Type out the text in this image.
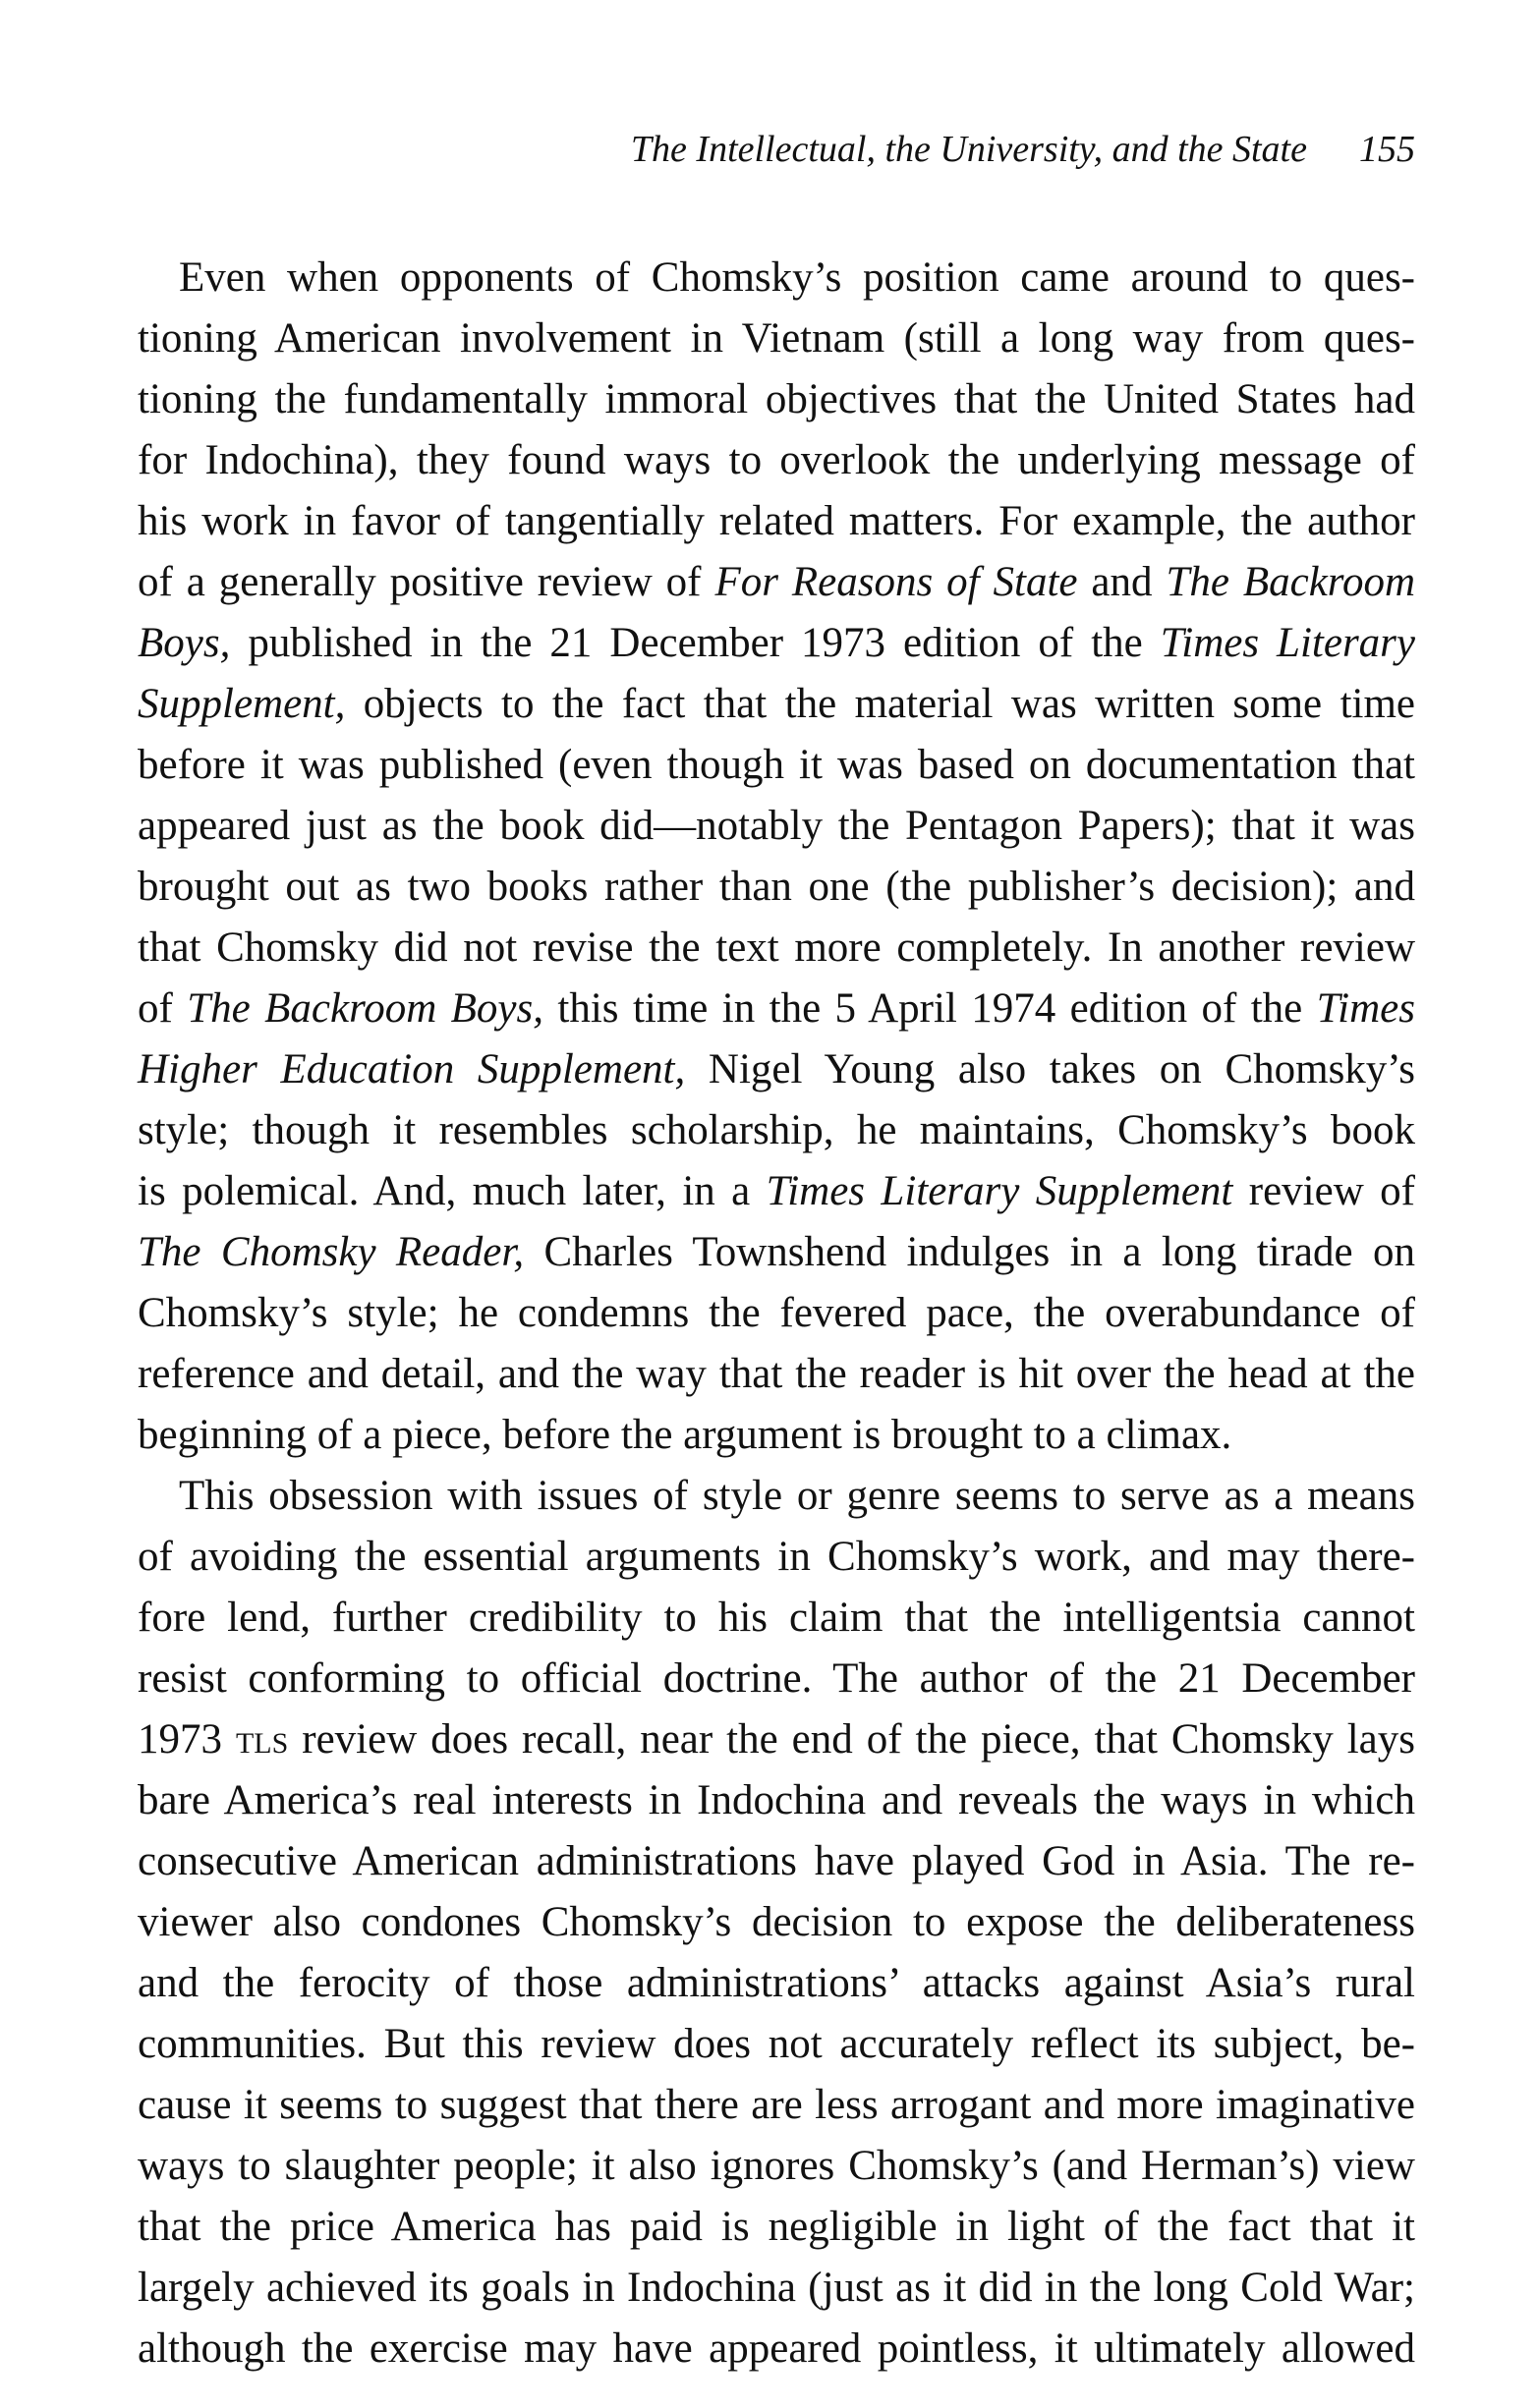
The Intellectual, the University, and the State 155
Even when opponents of Chomsky’s position came around to ques-
tioning American involvement in Vietnam (still a long way from ques-
tioning the fundamentally immoral objectives that the United States had
for Indochina), they found ways to overlook the underlying message of
his work in favor of tangentially related matters. For example, the author
of a generally positive review of For Reasons of State and The Backroom
Boys, published in the 21 December 1973 edition of the Times Literary
Supplement, objects to the fact that the material was written some time
before it was published (even though it was based on documentation that
appeared just as the book did—notably the Pentagon Papers); that it was
brought out as two books rather than one (the publisher’s decision); and
that Chomsky did not revise the text more completely. In another review
of The Backroom Boys, this time in the 5 April 1974 edition of the Times
Higher Education Supplement, Nigel Young also takes on Chomsky’s
style; though it resembles scholarship, he maintains, Chomsky’s book
is polemical. And, much later, in a Times Literary Supplement review of
The Chomsky Reader, Charles Townshend indulges in a long tirade on
Chomsky’s style; he condemns the fevered pace, the overabundance of
reference and detail, and the way that the reader is hit over the head at the
beginning of a piece, before the argument is brought to a climax.
This obsession with issues of style or genre seems to serve as a means
of avoiding the essential arguments in Chomsky’s work, and may there-
fore lend, further credibility to his claim that the intelligentsia cannot
resist conforming to official doctrine. The author of the 21 December
1973 tls review does recall, near the end of the piece, that Chomsky lays
bare America’s real interests in Indochina and reveals the ways in which
consecutive American administrations have played God in Asia. The re-
viewer also condones Chomsky’s decision to expose the deliberateness
and the ferocity of those administrations’ attacks against Asia’s rural
communities. But this review does not accurately reflect its subject, be-
cause it seems to suggest that there are less arrogant and more imaginative
ways to slaughter people; it also ignores Chomsky’s (and Herman’s) view
that the price America has paid is negligible in light of the fact that it
largely achieved its goals in Indochina (just as it did in the long Cold War;
although the exercise may have appeared pointless, it ultimately allowed
